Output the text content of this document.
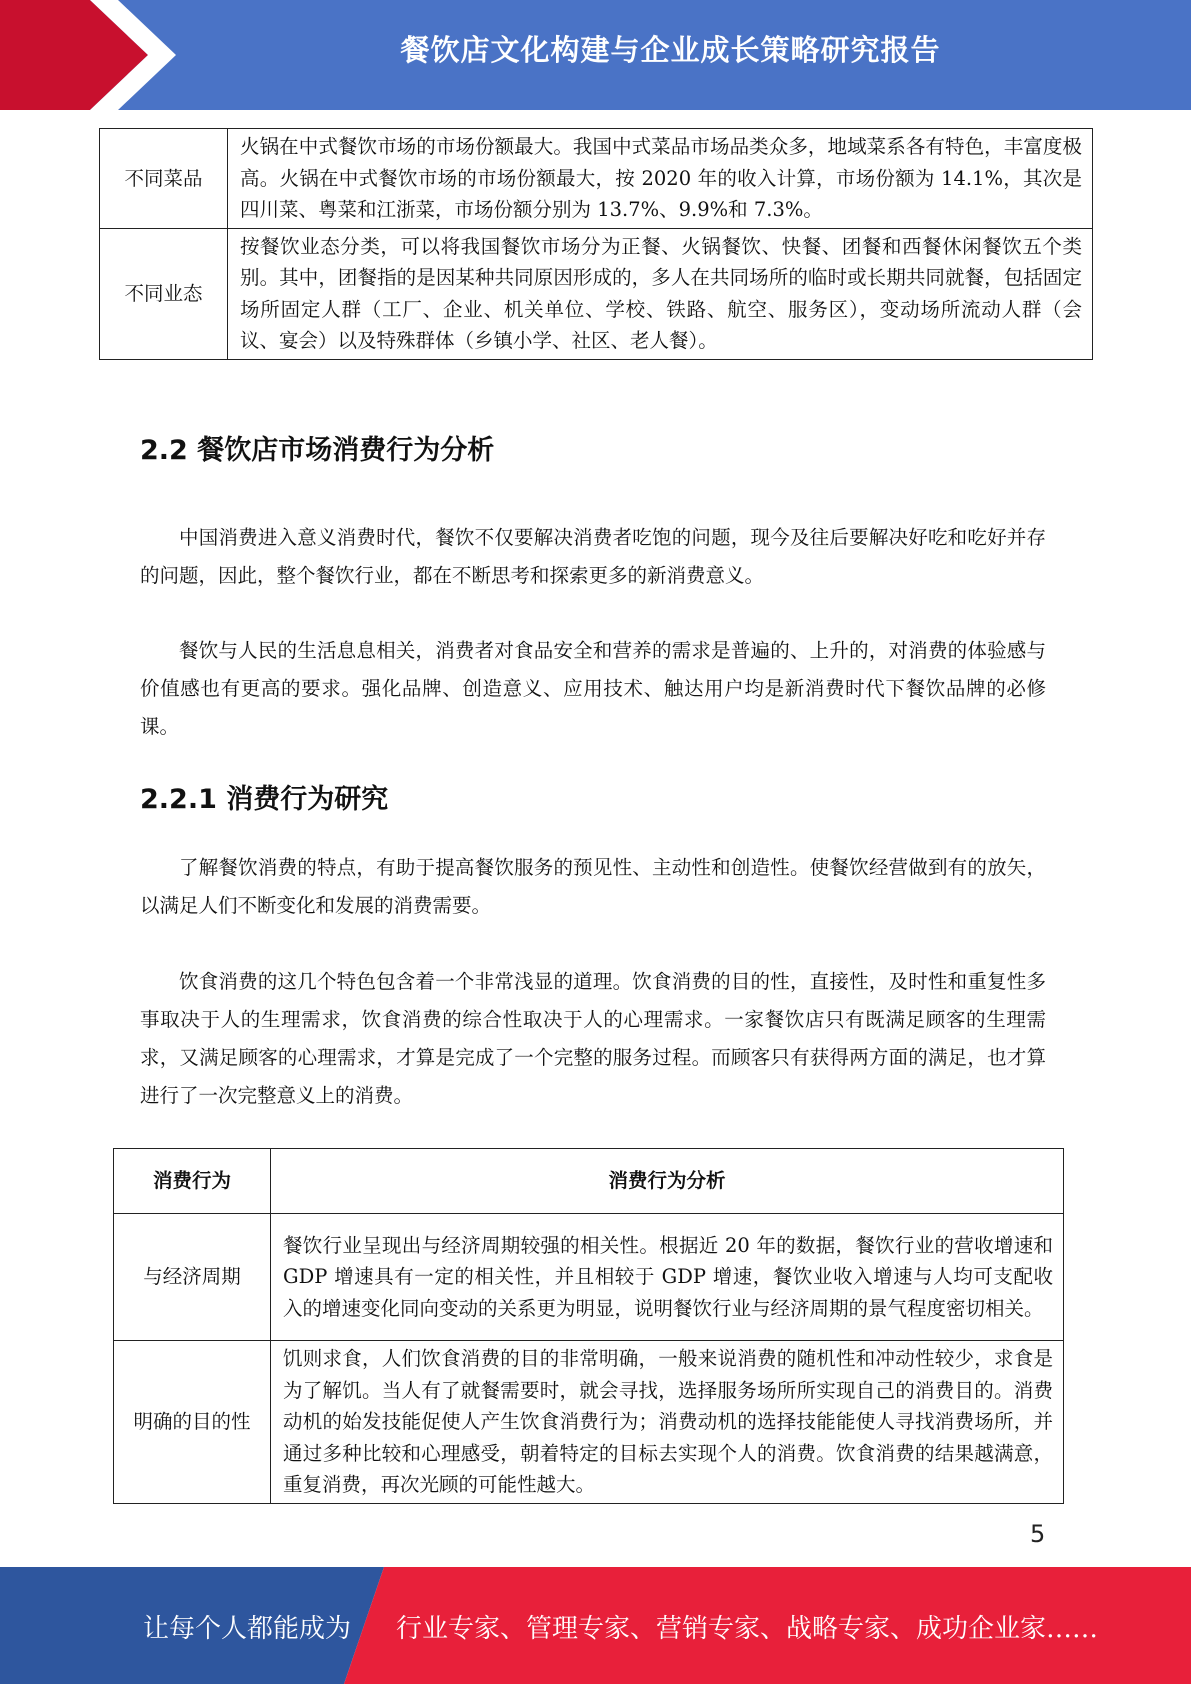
餐饮店文化构建与企业成长策略研究报告
不同菜品	火锅在中式餐饮市场的市场份额最大。我国中式菜品市场品类众多，地域菜系各有特色，丰富度极高。火锅在中式餐饮市场的市场份额最大，按 2020 年的收入计算，市场份额为 14.1%，其次是四川菜、粤菜和江浙菜，市场份额分别为 13.7%、9.9%和 7.3%。
不同业态	按餐饮业态分类，可以将我国餐饮市场分为正餐、火锅餐饮、快餐、团餐和西餐休闲餐饮五个类别。其中，团餐指的是因某种共同原因形成的，多人在共同场所的临时或长期共同就餐，包括固定场所固定人群（工厂、企业、机关单位、学校、铁路、航空、服务区），变动场所流动人群（会议、宴会）以及特殊群体（乡镇小学、社区、老人餐）。
2.2 餐饮店市场消费行为分析

中国消费进入意义消费时代，餐饮不仅要解决消费者吃饱的问题，现今及往后要解决好吃和吃好并存的问题，因此，整个餐饮行业，都在不断思考和探索更多的新消费意义。

餐饮与人民的生活息息相关，消费者对食品安全和营养的需求是普遍的、上升的，对消费的体验感与价值感也有更高的要求。强化品牌、创造意义、应用技术、触达用户均是新消费时代下餐饮品牌的必修课。

2.2.1 消费行为研究

了解餐饮消费的特点，有助于提高餐饮服务的预见性、主动性和创造性。使餐饮经营做到有的放矢，以满足人们不断变化和发展的消费需要。

饮食消费的这几个特色包含着一个非常浅显的道理。饮食消费的目的性，直接性，及时性和重复性多事取决于人的生理需求，饮食消费的综合性取决于人的心理需求。一家餐饮店只有既满足顾客的生理需求，又满足顾客的心理需求，才算是完成了一个完整的服务过程。而顾客只有获得两方面的满足，也才算进行了一次完整意义上的消费。

消费行为	消费行为分析
与经济周期	餐饮行业呈现出与经济周期较强的相关性。根据近 20 年的数据，餐饮行业的营收增速和 GDP 增速具有一定的相关性，并且相较于 GDP 增速，餐饮业收入增速与人均可支配收入的增速变化同向变动的关系更为明显，说明餐饮行业与经济周期的景气程度密切相关。
明确的目的性	饥则求食，人们饮食消费的目的非常明确，一般来说消费的随机性和冲动性较少，求食是为了解饥。当人有了就餐需要时，就会寻找，选择服务场所所实现自己的消费目的。消费动机的始发技能促使人产生饮食消费行为；消费动机的选择技能能使人寻找消费场所，并通过多种比较和心理感受，朝着特定的目标去实现个人的消费。饮食消费的结果越满意，重复消费，再次光顾的可能性越大。
5
让每个人都能成为 行业专家、管理专家、营销专家、战略专家、成功企业家……
